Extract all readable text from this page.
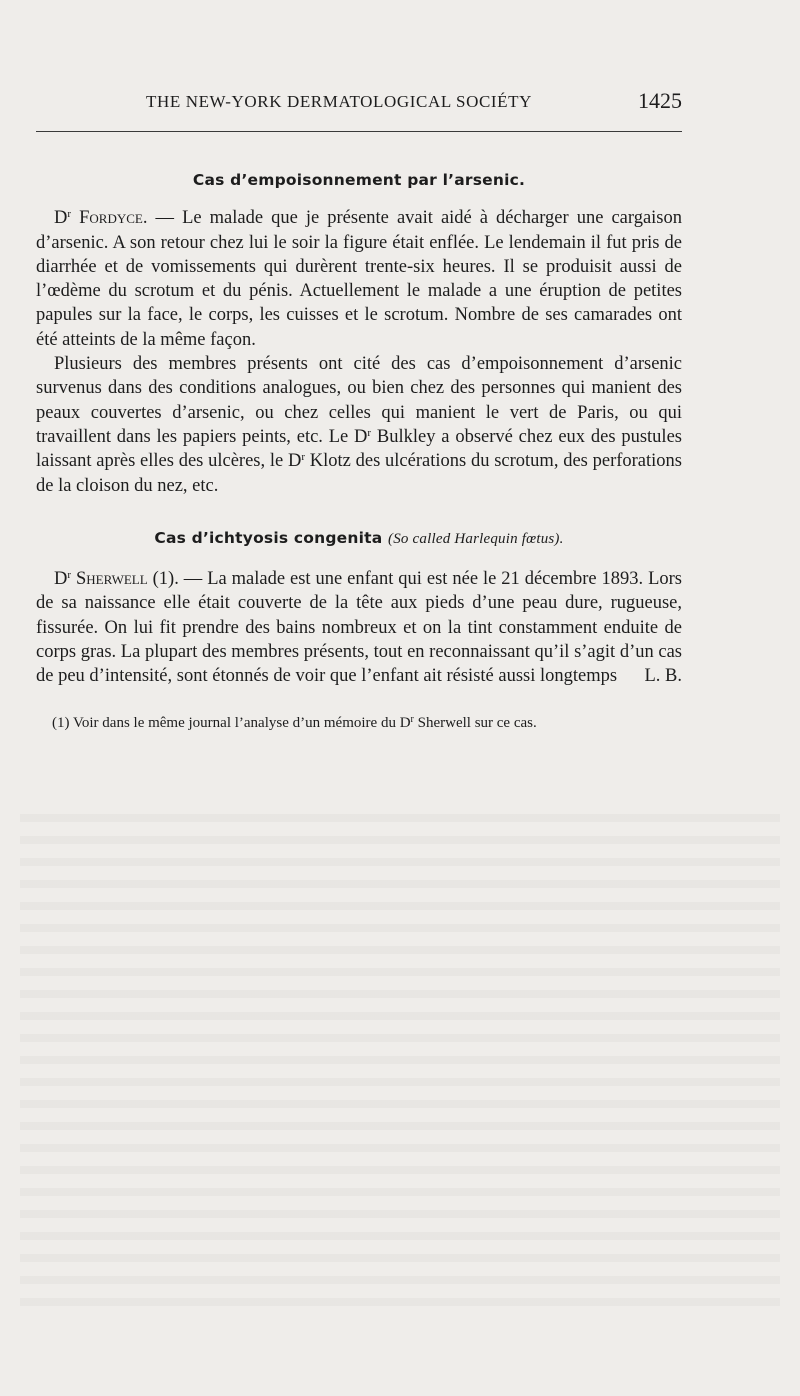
THE NEW-YORK DERMATOLOGICAL SOCIÉTY	1425
Cas d’empoisonnement par l’arsenic.

$D^r$ Fordyce. — Le malade que je présente avait aidé à décharger une cargaison d’arsenic. A son retour chez lui le soir la figure était enflée. Le lendemain il fut pris de diarrhée et de vomissements qui durèrent trente-six heures. Il se produisit aussi de l’œdème du scrotum et du pénis. Actuellement le malade a une éruption de petites papules sur la face, le corps, les cuisses et le scrotum. Nombre de ses camarades ont été atteints de la même façon.

Plusieurs des membres présents ont cité des cas d’empoisonnement d’arsenic survenus dans des conditions analogues, ou bien chez des personnes qui manient des peaux couvertes d’arsenic, ou chez celles qui manient le vert de Paris, ou qui travaillent dans les papiers peints, etc. Le $D^r$ Bulkley a observé chez eux des pustules laissant après elles des ulcères, le $D^r$ Klotz des ulcérations du scrotum, des perforations de la cloison du nez, etc.

Cas d’ichtyosis congenita (So called Harlequin fœtus).

$D^r$ Sherwell (1). — La malade est une enfant qui est née le 21 décembre 1893. Lors de sa naissance elle était couverte de la tête aux pieds d’une peau dure, rugueuse, fissurée. On lui fit prendre des bains nombreux et on la tint constamment enduite de corps gras. La plupart des membres présents, tout en reconnaissant qu’il s’agit d’un cas de peu d’intensité, sont étonnés de voir que l’enfant ait résisté aussi longtemps	L. B.

(1) Voir dans le même journal l’analyse d’un mémoire du $D^r$ Sherwell sur ce cas.
